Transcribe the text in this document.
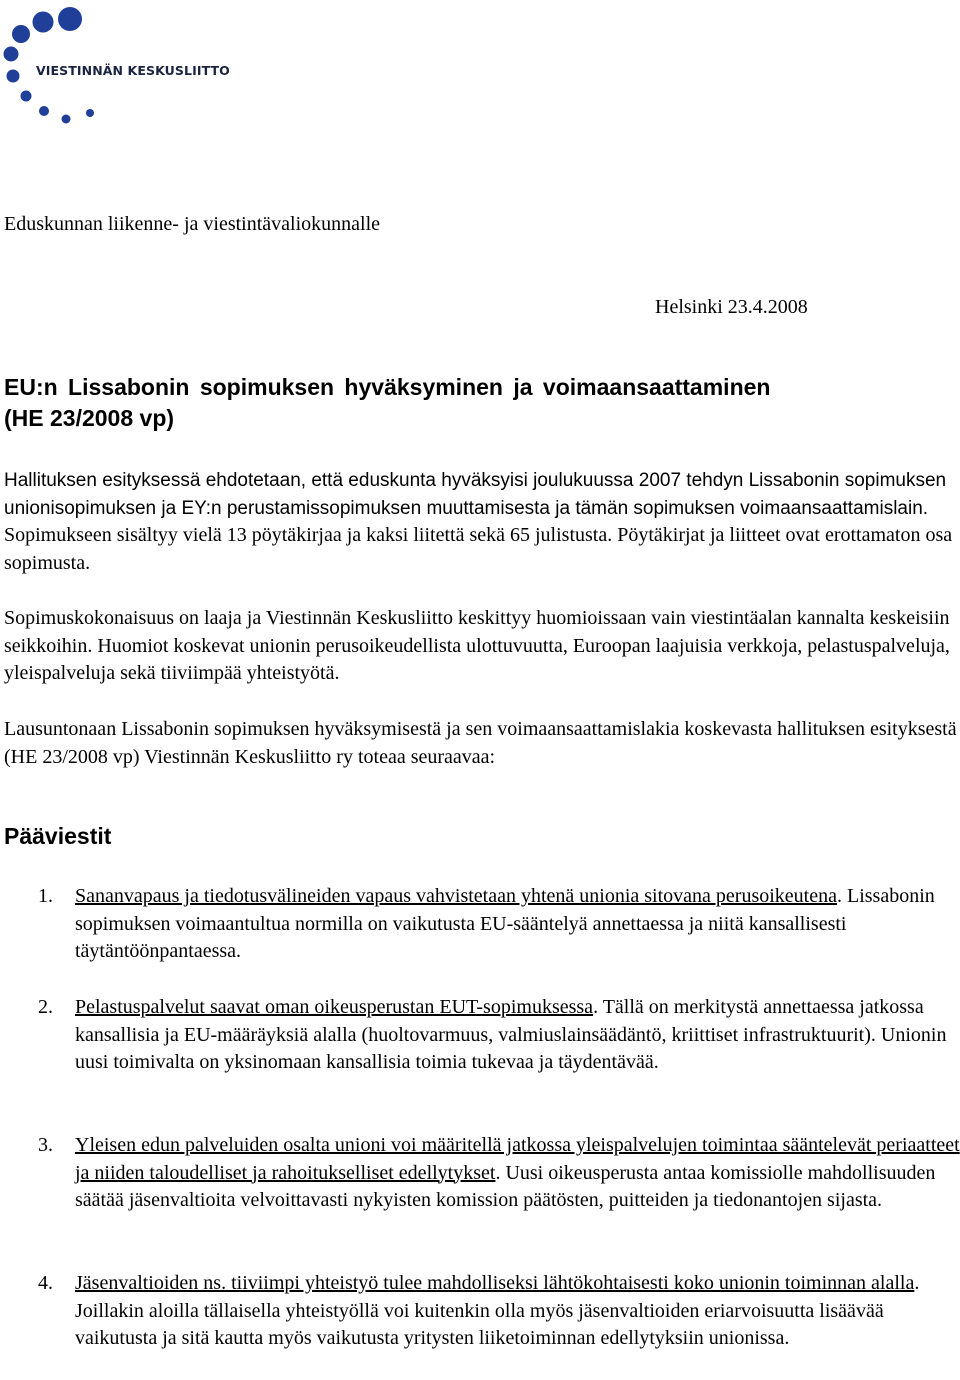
VIESTINNÄN KESKUSLIITTO

Eduskunnan liikenne- ja viestintävaliokunnalle

Helsinki 23.4.2008

EU:n Lissabonin sopimuksen hyväksyminen ja voimaansaattaminen
(HE 23/2008 vp)

Hallituksen esityksessä ehdotetaan, että eduskunta hyväksyisi joulukuussa 2007 tehdyn Lissabonin sopimuksen unionisopimuksen ja EY:n perustamissopimuksen muuttamisesta ja tämän sopimuksen voimaansaattamislain. Sopimukseen sisältyy vielä 13 pöytäkirjaa ja kaksi liitettä sekä 65 julistusta. Pöytäkirjat ja liitteet ovat erottamaton osa sopimusta.

Sopimuskokonaisuus on laaja ja Viestinnän Keskusliitto keskittyy huomioissaan vain viestintäalan kannalta keskeisiin seikkoihin. Huomiot koskevat unionin perusoikeudellista ulottuvuutta, Euroopan laajuisia verkkoja, pelastuspalveluja, yleispalveluja sekä tiiviimpää yhteistyötä.

Lausuntonaan Lissabonin sopimuksen hyväksymisestä ja sen voimaansaattamislakia koskevasta hallituksen esityksestä (HE 23/2008 vp) Viestinnän Keskusliitto ry toteaa seuraavaa:

Pääviestit
1. Sananvapaus ja tiedotusvälineiden vapaus vahvistetaan yhtenä unionia sitovana perusoikeutena. Lissabonin sopimuksen voimaantultua normilla on vaikutusta EU-sääntelyä annettaessa ja niitä kansallisesti täytäntöönpantaessa.

2. Pelastuspalvelut saavat oman oikeusperustan EUT-sopimuksessa. Tällä on merkitystä annettaessa jatkossa kansallisia ja EU-määräyksiä alalla (huoltovarmuus, valmiuslainsäädäntö, kriittiset infrastruktuurit). Unionin uusi toimivalta on yksinomaan kansallisia toimia tukevaa ja täydentävää.

3. Yleisen edun palveluiden osalta unioni voi määritellä jatkossa yleispalvelujen toimintaa sääntelevät periaatteet ja niiden taloudelliset ja rahoitukselliset edellytykset. Uusi oikeusperusta antaa komissiolle mahdollisuuden säätää jäsenvaltioita velvoittavasti nykyisten komission päätösten, puitteiden ja tiedonantojen sijasta.

4. Jäsenvaltioiden ns. tiiviimpi yhteistyö tulee mahdolliseksi lähtökohtaisesti koko unionin toiminnan alalla. Joillakin aloilla tällaisella yhteistyöllä voi kuitenkin olla myös jäsenvaltioiden eriarvoisuutta lisäävää vaikutusta ja sitä kautta myös vaikutusta yritysten liiketoiminnan edellytyksiin unionissa.
